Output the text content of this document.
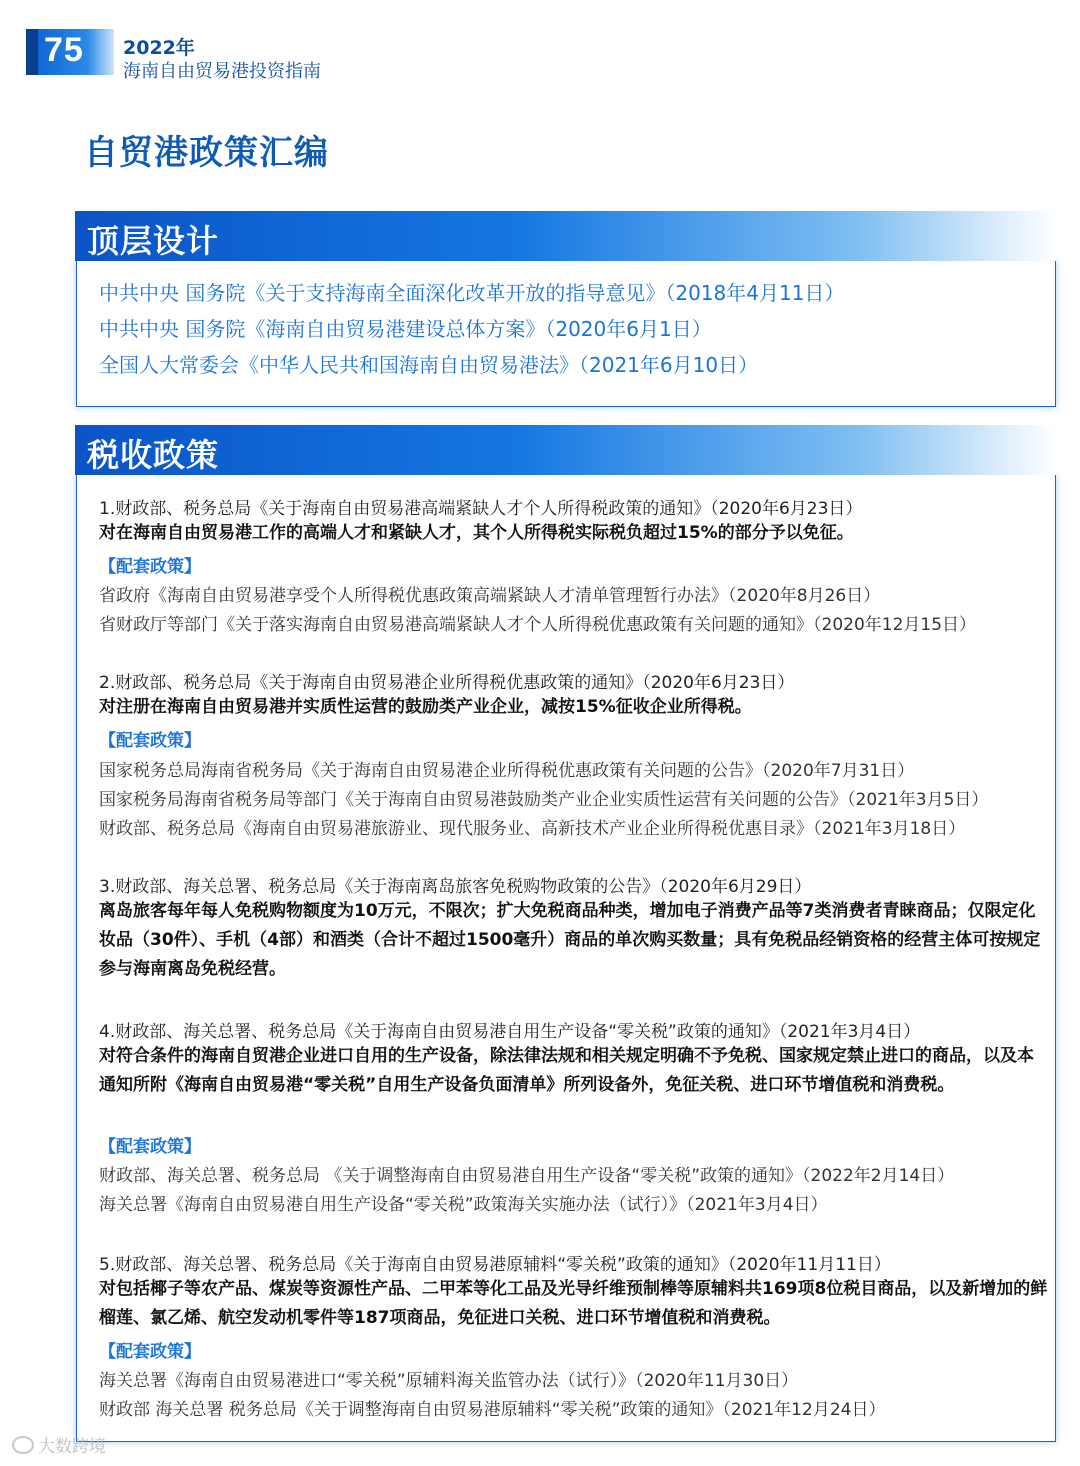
75 2022年
海南自由贸易港投资指南
自贸港政策汇编
顶层设计
中共中央 国务院《关于支持海南全面深化改革开放的指导意见》（2018年4月11日）
中共中央 国务院《海南自由贸易港建设总体方案》（2020年6月1日）
全国人大常委会《中华人民共和国海南自由贸易港法》（2021年6月10日）
税收政策
1.财政部、税务总局《关于海南自由贸易港高端紧缺人才个人所得税政策的通知》（2020年6月23日）
对在海南自由贸易港工作的高端人才和紧缺人才，其个人所得税实际税负超过15%的部分予以免征。
【配套政策】
省政府《海南自由贸易港享受个人所得税优惠政策高端紧缺人才清单管理暂行办法》（2020年8月26日）
省财政厅等部门《关于落实海南自由贸易港高端紧缺人才个人所得税优惠政策有关问题的通知》（2020年12月15日）
2.财政部、税务总局《关于海南自由贸易港企业所得税优惠政策的通知》（2020年6月23日）
对注册在海南自由贸易港并实质性运营的鼓励类产业企业，减按15%征收企业所得税。
【配套政策】
国家税务总局海南省税务局《关于海南自由贸易港企业所得税优惠政策有关问题的公告》（2020年7月31日）
国家税务局海南省税务局等部门《关于海南自由贸易港鼓励类产业企业实质性运营有关问题的公告》（2021年3月5日）
财政部、税务总局《海南自由贸易港旅游业、现代服务业、高新技术产业企业所得税优惠目录》（2021年3月18日）
3.财政部、海关总署、税务总局《关于海南离岛旅客免税购物政策的公告》（2020年6月29日）
离岛旅客每年每人免税购物额度为10万元，不限次；扩大免税商品种类，增加电子消费产品等7类消费者青睐商品；仅限定化妆品（30件）、手机（4部）和酒类（合计不超过1500毫升）商品的单次购买数量；具有免税品经销资格的经营主体可按规定参与海南离岛免税经营。
4.财政部、海关总署、税务总局《关于海南自由贸易港自用生产设备“零关税”政策的通知》（2021年3月4日）
对符合条件的海南自贸港企业进口自用的生产设备，除法律法规和相关规定明确不予免税、国家规定禁止进口的商品，以及本通知所附《海南自由贸易港“零关税”自用生产设备负面清单》所列设备外，免征关税、进口环节增值税和消费税。
【配套政策】
财政部、海关总署、税务总局 《关于调整海南自由贸易港自用生产设备“零关税”政策的通知》（2022年2月14日）
海关总署《海南自由贸易港自用生产设备“零关税”政策海关实施办法（试行）》（2021年3月4日）
5.财政部、海关总署、税务总局《关于海南自由贸易港原辅料“零关税”政策的通知》（2020年11月11日）
对包括椰子等农产品、煤炭等资源性产品、二甲苯等化工品及光导纤维预制棒等原辅料共169项8位税目商品，以及新增加的鲜榴莲、氯乙烯、航空发动机零件等187项商品，免征进口关税、进口环节增值税和消费税。
【配套政策】
海关总署《海南自由贸易港进口“零关税”原辅料海关监管办法（试行）》（2020年11月30日）
财政部 海关总署 税务总局《关于调整海南自由贸易港原辅料“零关税”政策的通知》（2021年12月24日）
大数跨境
